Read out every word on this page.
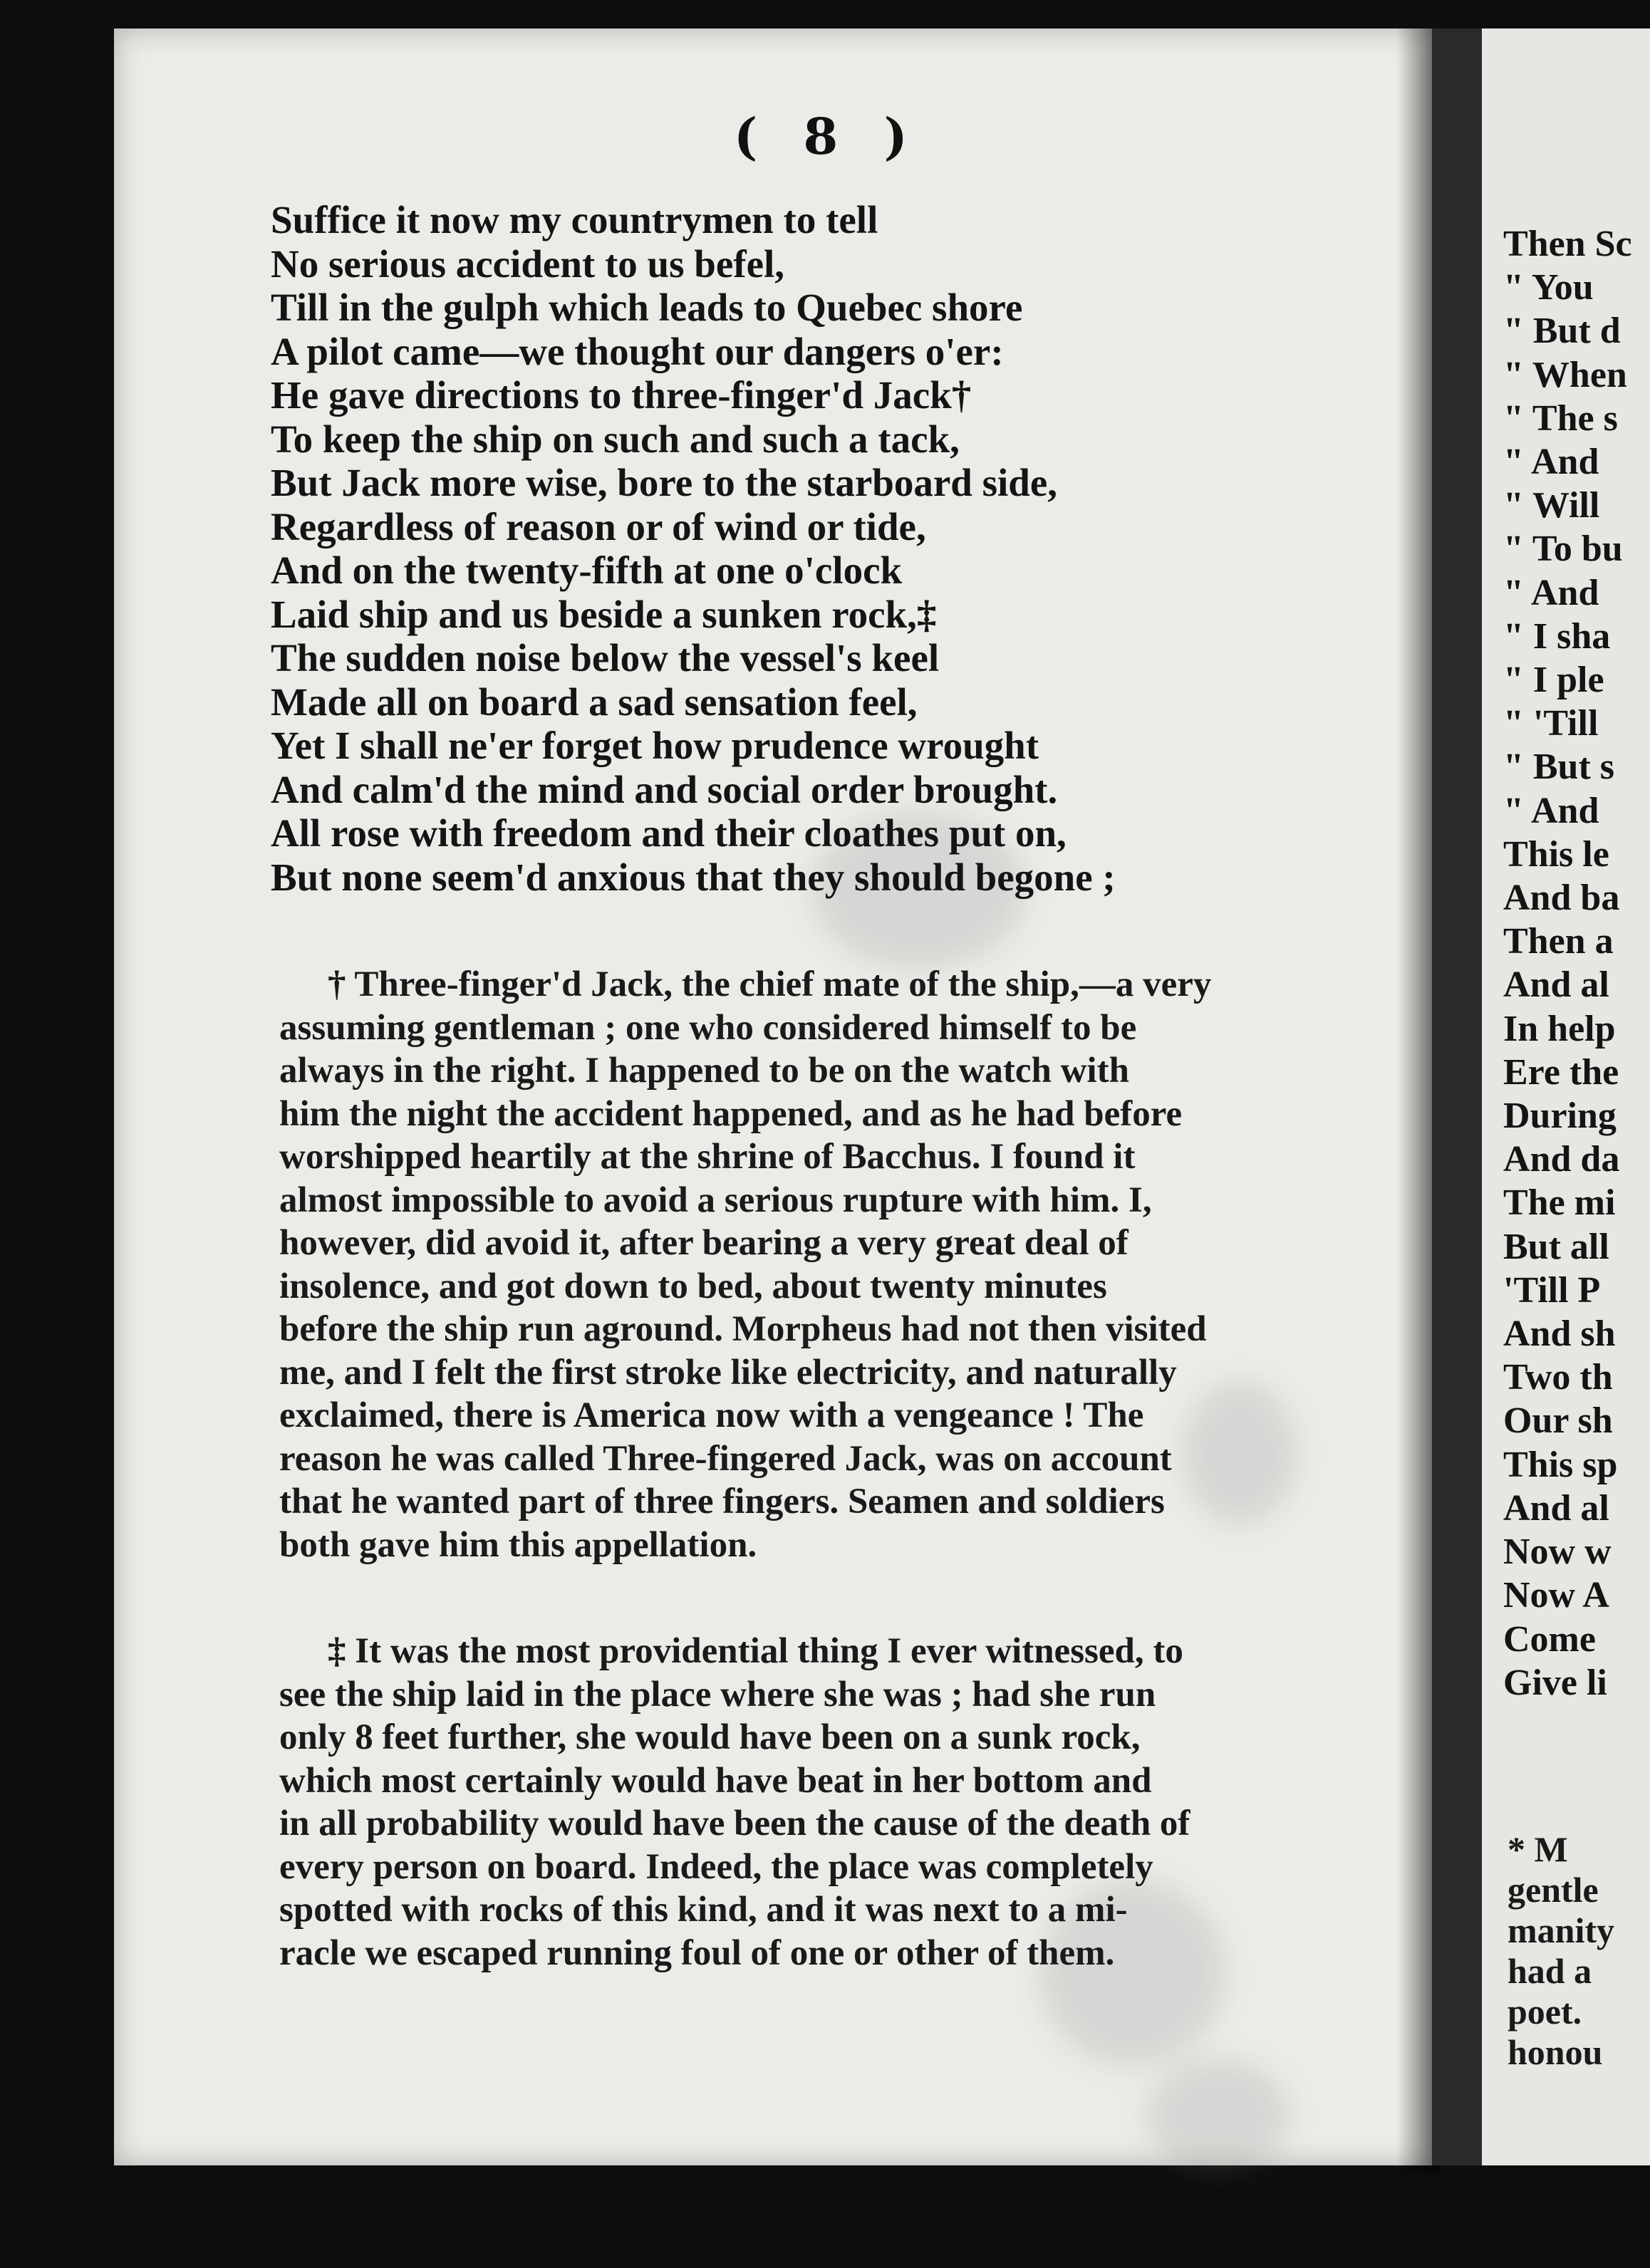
( 8 )
Suffice it now my countrymen to tell
No serious accident to us befel,
Till in the gulph which leads to Quebec shore
A pilot came—we thought our dangers o'er:
He gave directions to three-finger'd Jack†
To keep the ship on such and such a tack,
But Jack more wise, bore to the starboard side,
Regardless of reason or of wind or tide,
And on the twenty-fifth at one o'clock
Laid ship and us beside a sunken rock,‡
The sudden noise below the vessel's keel
Made all on board a sad sensation feel,
Yet I shall ne'er forget how prudence wrought
And calm'd the mind and social order brought.
All rose with freedom and their cloathes put on,
But none seem'd anxious that they should begone ;
† Three-finger'd Jack, the chief mate of the ship,—a very
assuming gentleman ; one who considered himself to be
always in the right. I happened to be on the watch with
him the night the accident happened, and as he had before
worshipped heartily at the shrine of Bacchus. I found it
almost impossible to avoid a serious rupture with him. I,
however, did avoid it, after bearing a very great deal of
insolence, and got down to bed, about twenty minutes
before the ship run aground. Morpheus had not then visited
me, and I felt the first stroke like electricity, and naturally
exclaimed, there is America now with a vengeance ! The
reason he was called Three-fingered Jack, was on account
that he wanted part of three fingers. Seamen and soldiers
both gave him this appellation.
‡ It was the most providential thing I ever witnessed, to
see the ship laid in the place where she was ; had she run
only 8 feet further, she would have been on a sunk rock,
which most certainly would have beat in her bottom and
in all probability would have been the cause of the death of
every person on board. Indeed, the place was completely
spotted with rocks of this kind, and it was next to a mi-
racle we escaped running foul of one or other of them.
Then Sc
" You
" But d
" When
" The s
" And
" Will
" To bu
" And
" I sha
" I ple
" 'Till
" But s
" And
This le
And ba
Then a
And al
In help
Ere the
During
And da
The mi
But all
'Till P
And sh
Two th
Our sh
This sp
And al
Now w
Now A
Come
Give li
* M
gentle
manity
had a
poet.
honou
